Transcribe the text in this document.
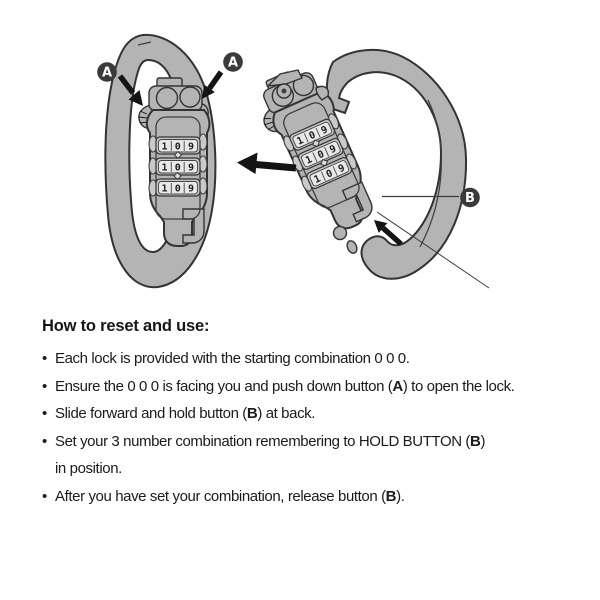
1 0 9
1 0 9
1 0 9
A
A
B
How to reset and use:
• Each lock is provided with the starting combination 0 0 0.
• Ensure the 0 0 0 is facing you and push down button (A) to open the lock.
• Slide forward and hold button (B) at back.
• Set your 3 number combination remembering to HOLD BUTTON (B)
in position.
• After you have set your combination, release button (B).
